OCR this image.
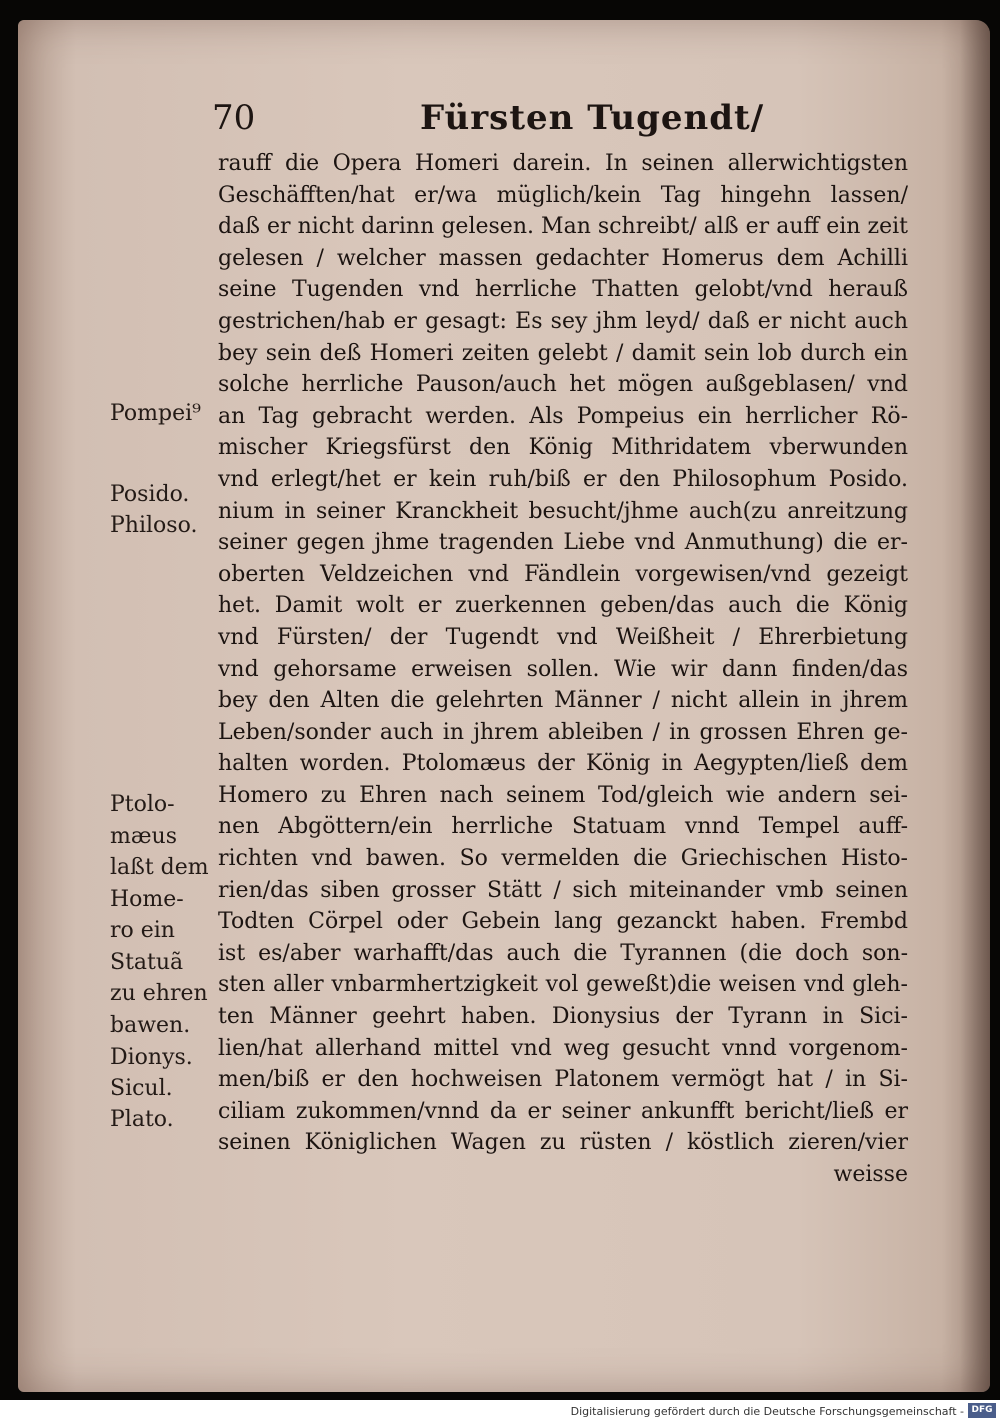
70	Fürsten Tugendt/
rauff die Opera Homeri darein. In seinen allerwichtigsten
Geschäfften/hat er/wa müglich/kein Tag hingehn lassen/
daß er nicht darinn gelesen. Man schreibt/ alß er auff ein zeit
gelesen / welcher massen gedachter Homerus dem Achilli
seine Tugenden vnd herrliche Thatten gelobt/vnd herauß
gestrichen/hab er gesagt: Es sey jhm leyd/ daß er nicht auch
bey sein deß Homeri zeiten gelebt / damit sein lob durch ein
solche herrliche Pauson/auch het mögen außgeblasen/ vnd
an Tag gebracht werden. Als Pompeius ein herrlicher Rö-
mischer Kriegsfürst den König Mithridatem vberwunden
vnd erlegt/het er kein ruh/biß er den Philosophum Posido.
nium in seiner Kranckheit besucht/jhme auch(zu anreitzung
seiner gegen jhme tragenden Liebe vnd Anmuthung) die er-
oberten Veldzeichen vnd Fändlein vorgewisen/vnd gezeigt
het. Damit wolt er zuerkennen geben/das auch die König
vnd Fürsten/ der Tugendt vnd Weißheit / Ehrerbietung
vnd gehorsame erweisen sollen. Wie wir dann finden/das
bey den Alten die gelehrten Männer / nicht allein in jhrem
Leben/sonder auch in jhrem ableiben / in grossen Ehren ge-
halten worden. Ptolomæus der König in Aegypten/ließ dem
Homero zu Ehren nach seinem Tod/gleich wie andern sei-
nen Abgöttern/ein herrliche Statuam vnnd Tempel auff-
richten vnd bawen. So vermelden die Griechischen Histo-
rien/das siben grosser Stätt / sich miteinander vmb seinen
Todten Cörpel oder Gebein lang gezanckt haben. Frembd
ist es/aber warhafft/das auch die Tyrannen (die doch son-
sten aller vnbarmhertzigkeit vol geweßt)die weisen vnd gleh-
ten Männer geehrt haben. Dionysius der Tyrann in Sici-
lien/hat allerhand mittel vnd weg gesucht vnnd vorgenom-
men/biß er den hochweisen Platonem vermögt hat / in Si-
ciliam zukommen/vnnd da er seiner ankunfft bericht/ließ er
seinen Königlichen Wagen zu rüsten / köstlich zieren/vier
weisse
Pompei⁹
Posido.
Philoso.
Ptolo-
mæus
laßt dem
Home-
ro ein
Statuã
zu ehren
bawen.
Dionys.
Sicul.
Plato.
Digitalisierung gefördert durch die Deutsche Forschungsgemeinschaft - DFG
